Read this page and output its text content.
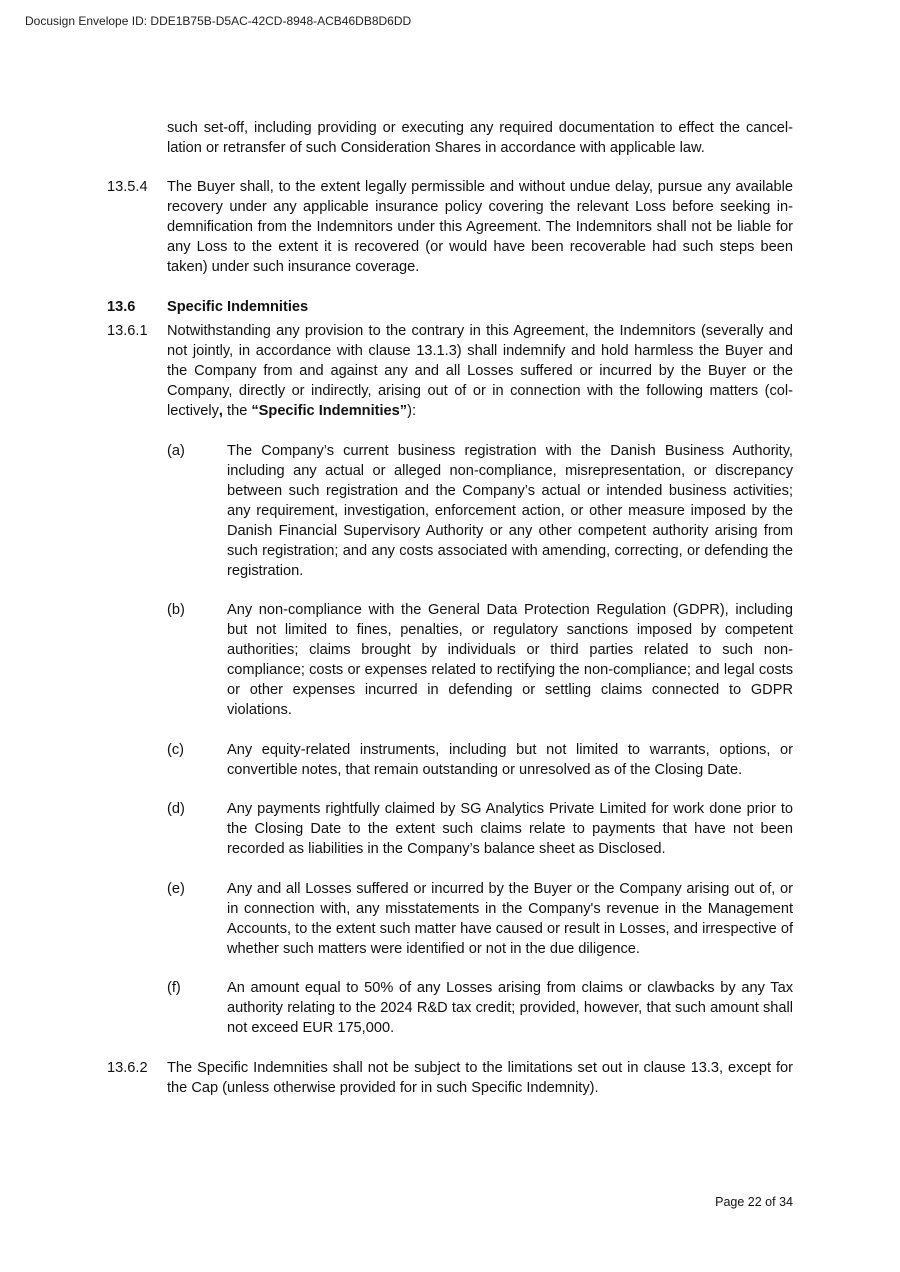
Docusign Envelope ID: DDE1B75B-D5AC-42CD-8948-ACB46DB8D6DD

such set-off, including providing or executing any required documentation to effect the cancel-lation or retransfer of such Consideration Shares in accordance with applicable law.

13.5.4 The Buyer shall, to the extent legally permissible and without undue delay, pursue any available recovery under any applicable insurance policy covering the relevant Loss before seeking in-demnification from the Indemnitors under this Agreement. The Indemnitors shall not be liable for any Loss to the extent it is recovered (or would have been recoverable had such steps been taken) under such insurance coverage.

13.6 Specific Indemnities
13.6.1 Notwithstanding any provision to the contrary in this Agreement, the Indemnitors (severally and not jointly, in accordance with clause 13.1.3) shall indemnify and hold harmless the Buyer and the Company from and against any and all Losses suffered or incurred by the Buyer or the Company, directly or indirectly, arising out of or in connection with the following matters (col-lectively, the “Specific Indemnities”):

(a)	The Company’s current business registration with the Danish Business Authority, including any actual or alleged non-compliance, misrepresentation, or discrepancy between such registration and the Company’s actual or intended business activities; any requirement, investigation, enforcement action, or other measure imposed by the Danish Financial Supervisory Authority or any other competent authority arising from such registration; and any costs associated with amending, correcting, or defending the registration.

(b)	Any non-compliance with the General Data Protection Regulation (GDPR), including but not limited to fines, penalties, or regulatory sanctions imposed by competent authorities; claims brought by individuals or third parties related to such non-compliance; costs or expenses related to rectifying the non-compliance; and legal costs or other expenses incurred in defending or settling claims connected to GDPR violations.

(c)	Any equity-related instruments, including but not limited to warrants, options, or convertible notes, that remain outstanding or unresolved as of the Closing Date.

(d)	Any payments rightfully claimed by SG Analytics Private Limited for work done prior to the Closing Date to the extent such claims relate to payments that have not been recorded as liabilities in the Company’s balance sheet as Disclosed.

(e)	Any and all Losses suffered or incurred by the Buyer or the Company arising out of, or in connection with, any misstatements in the Company's revenue in the Management Accounts, to the extent such matter have caused or result in Losses, and irrespective of whether such matters were identified or not in the due diligence.

(f)	An amount equal to 50% of any Losses arising from claims or clawbacks by any Tax authority relating to the 2024 R&D tax credit; provided, however, that such amount shall not exceed EUR 175,000.

13.6.2 The Specific Indemnities shall not be subject to the limitations set out in clause 13.3, except for the Cap (unless otherwise provided for in such Specific Indemnity).

Page 22 of 34
